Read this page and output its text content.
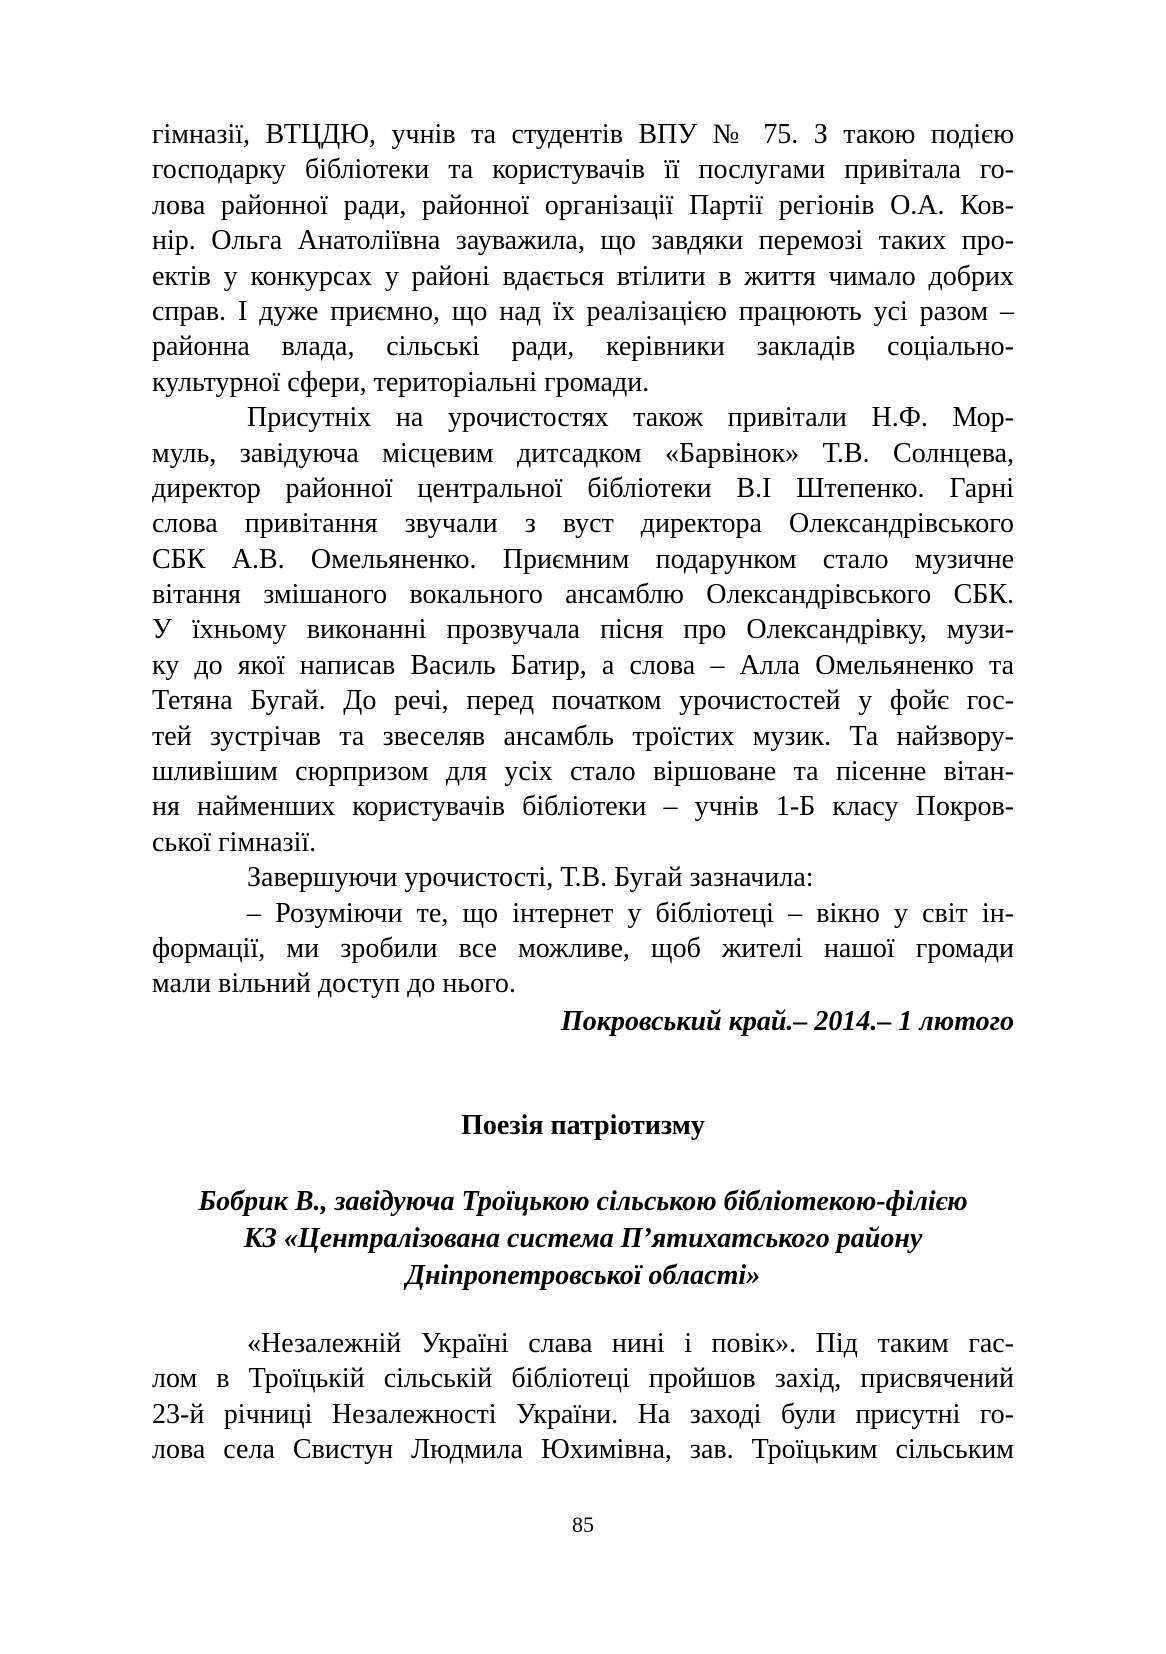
гімназії, ВТЦДЮ, учнів та студентів ВПУ № 75. З такою подією
господарку бібліотеки та користувачів її послугами привітала го-
лова районної ради, районної організації Партії регіонів О.А. Ков-
нір. Ольга Анатоліївна зауважила, що завдяки перемозі таких про-
ектів у конкурсах у районі вдається втілити в життя чимало добрих
справ. І дуже приємно, що над їх реалізацією працюють усі разом –
районна влада, сільські ради, керівники закладів соціально-
культурної сфери, територіальні громади.
Присутніх на урочистостях також привітали Н.Ф. Мор-
муль, завідуюча місцевим дитсадком «Барвінок» Т.В. Солнцева,
директор районної центральної бібліотеки В.І Штепенко. Гарні
слова привітання звучали з вуст директора Олександрівського
СБК А.В. Омельяненко. Приємним подарунком стало музичне
вітання змішаного вокального ансамблю Олександрівського СБК.
У їхньому виконанні прозвучала пісня про Олександрівку, музи-
ку до якої написав Василь Батир, а слова – Алла Омельяненко та
Тетяна Бугай. До речі, перед початком урочистостей у фойє гос-
тей зустрічав та звеселяв ансамбль троїстих музик. Та найзвору-
шливішим сюрпризом для усіх стало віршоване та пісенне вітан-
ня найменших користувачів бібліотеки – учнів 1-Б класу Покров-
ської гімназії.
Завершуючи урочистості, Т.В. Бугай зазначила:
– Розуміючи те, що інтернет у бібліотеці – вікно у світ ін-
формації, ми зробили все можливе, щоб жителі нашої громади
мали вільний доступ до нього.
Покровський край.– 2014.– 1 лютого
Поезія патріотизму
Бобрик В., завідуюча Троїцькою сільською бібліотекою-філією
КЗ «Централізована система П’ятихатського району
Дніпропетровської області»
«Незалежній Україні слава нині і повік». Під таким гас-
лом в Троїцькій сільській бібліотеці пройшов захід, присвячений
23-й річниці Незалежності України. На заході були присутні го-
лова села Свистун Людмила Юхимівна, зав. Троїцьким сільським
85
